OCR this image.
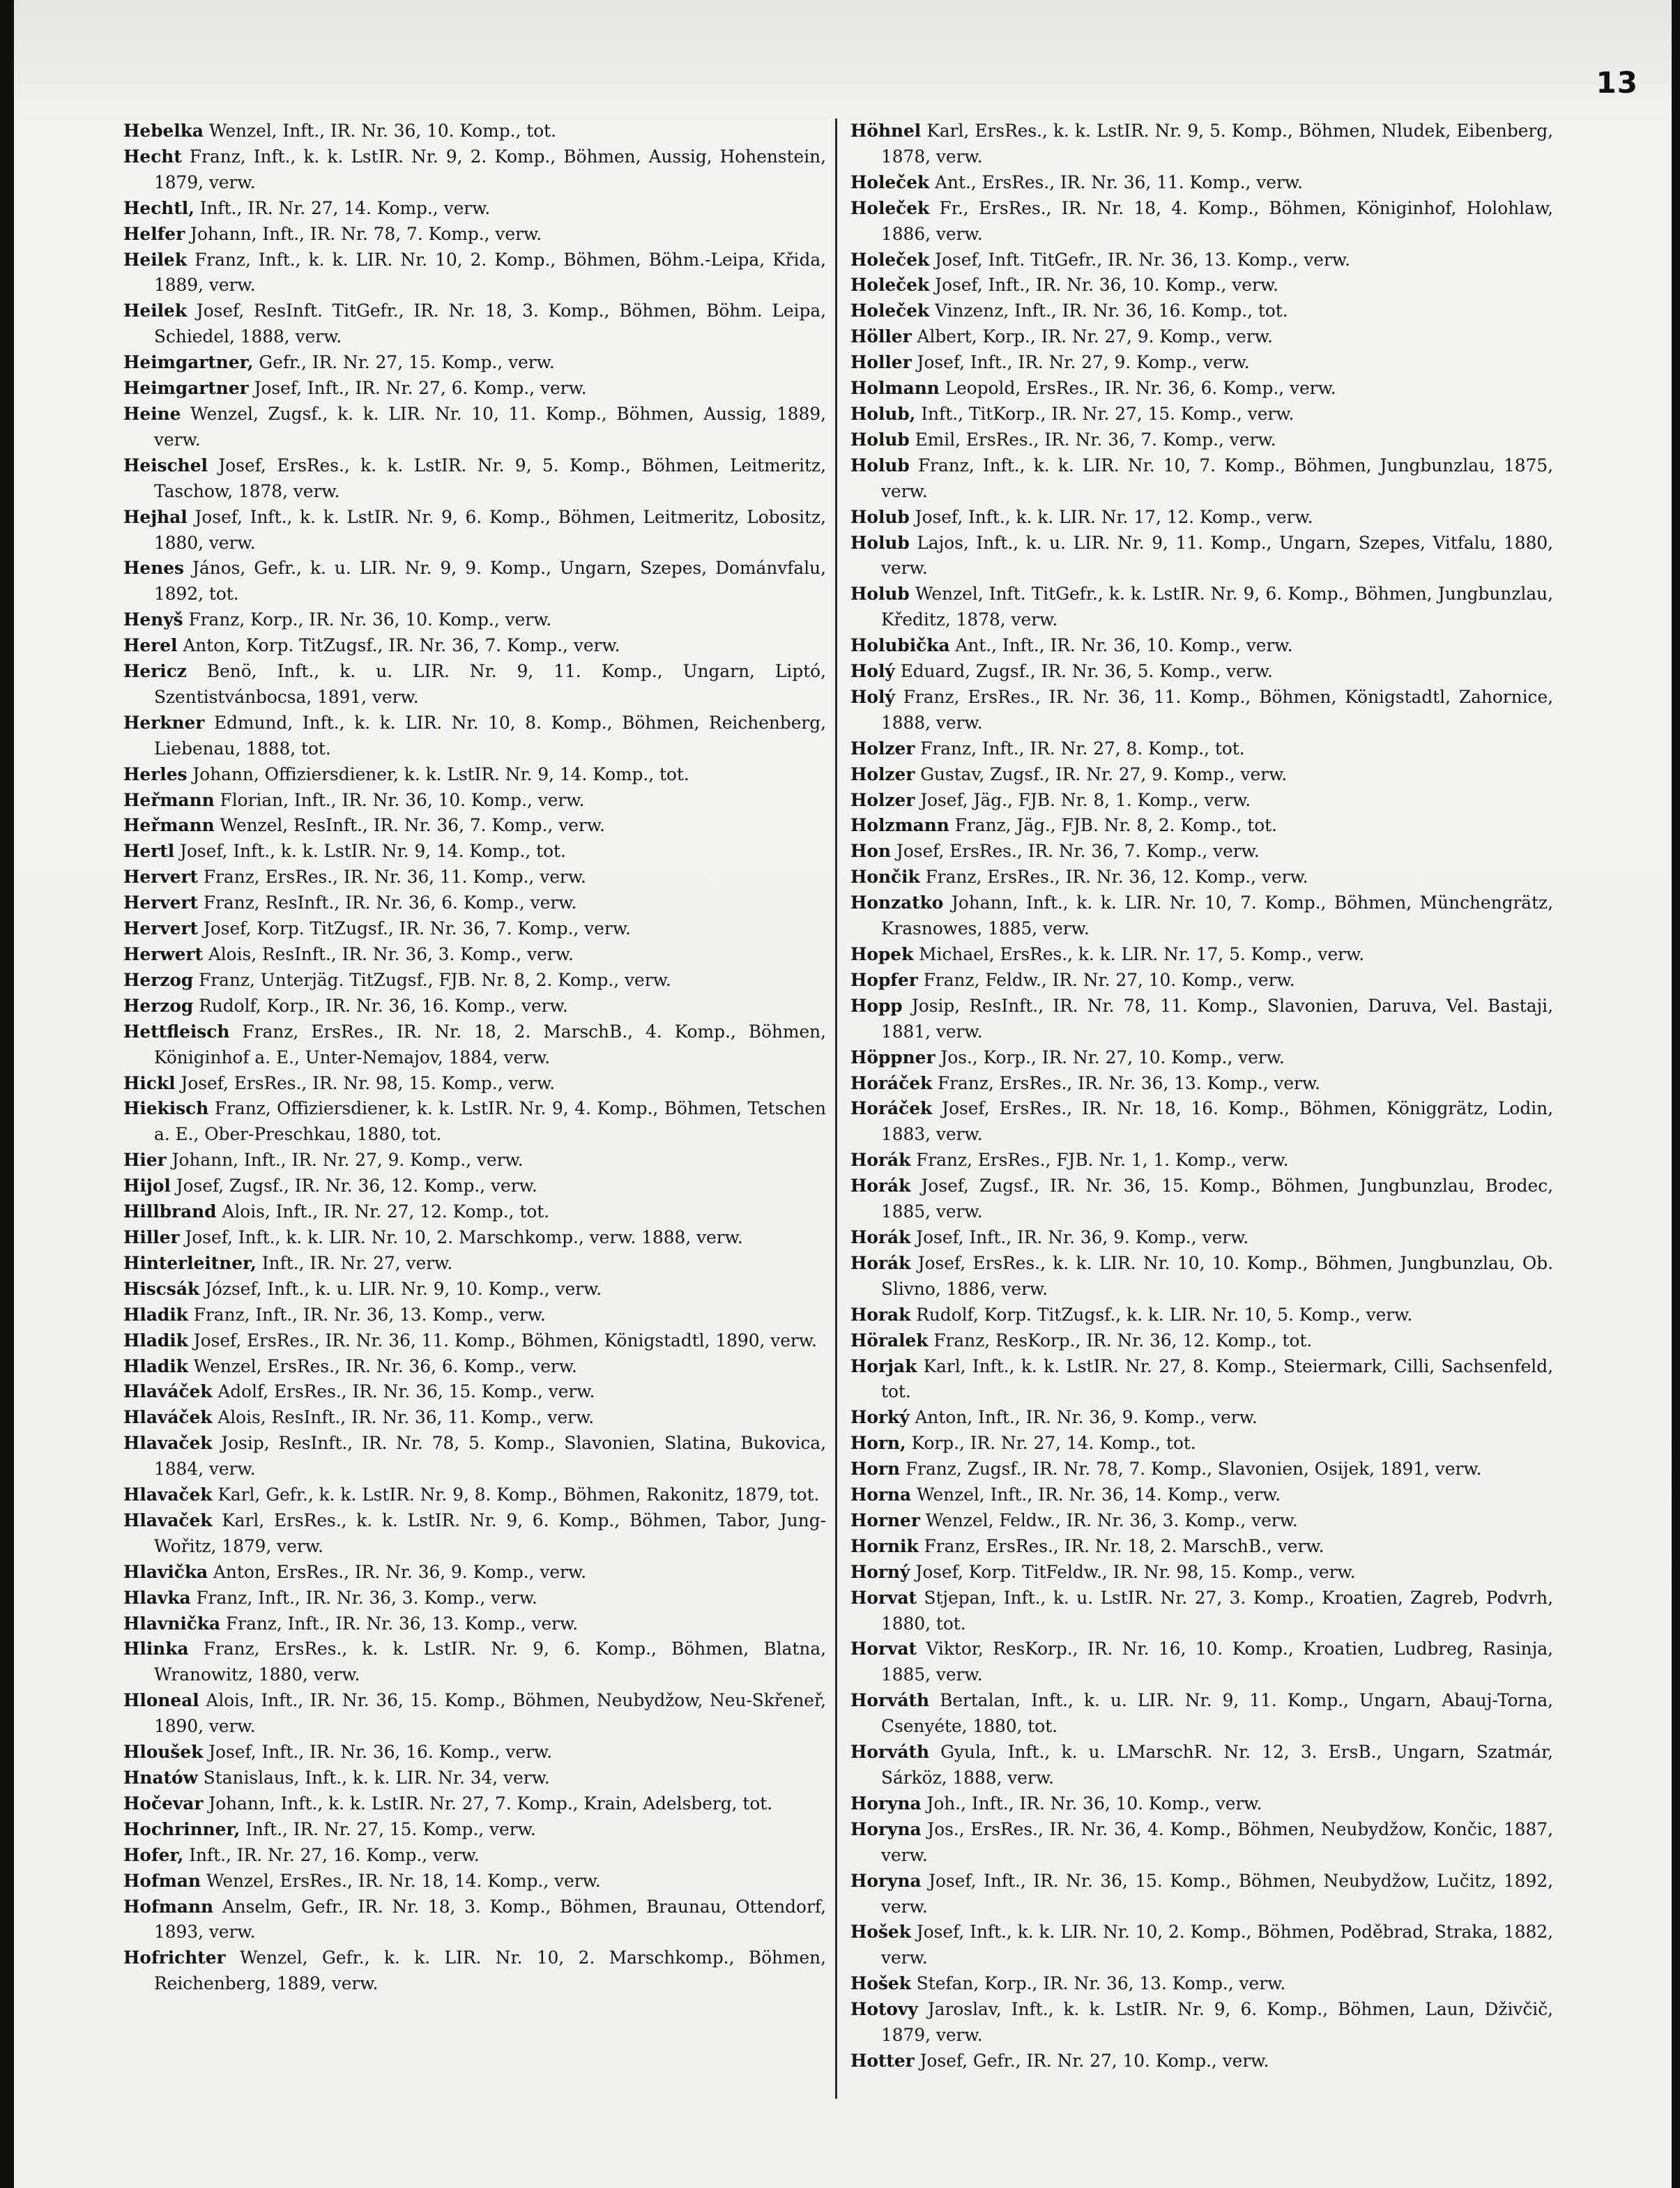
13
Hebelka Wenzel, Inft., IR. Nr. 36, 10. Komp., tot.
Hecht Franz, Inft., k. k. LstIR. Nr. 9, 2. Komp., Böhmen, Aussig, Hohenstein, 1879, verw.
Hechtl, Inft., IR. Nr. 27, 14. Komp., verw.
Helfer Johann, Inft., IR. Nr. 78, 7. Komp., verw.
Heilek Franz, Inft., k. k. LIR. Nr. 10, 2. Komp., Böhmen, Böhm.-Leipa, Křida, 1889, verw.
Heilek Josef, ResInft. TitGefr., IR. Nr. 18, 3. Komp., Böhmen, Böhm. Leipa, Schiedel, 1888, verw.
Heimgartner, Gefr., IR. Nr. 27, 15. Komp., verw.
Heimgartner Josef, Inft., IR. Nr. 27, 6. Komp., verw.
Heine Wenzel, Zugsf., k. k. LIR. Nr. 10, 11. Komp., Böhmen, Aussig, 1889, verw.
Heischel Josef, ErsRes., k. k. LstIR. Nr. 9, 5. Komp., Böhmen, Leitmeritz, Taschow, 1878, verw.
Hejhal Josef, Inft., k. k. LstIR. Nr. 9, 6. Komp., Böhmen, Leitmeritz, Lobositz, 1880, verw.
Henes János, Gefr., k. u. LIR. Nr. 9, 9. Komp., Ungarn, Szepes, Dománvfalu, 1892, tot.
Henyš Franz, Korp., IR. Nr. 36, 10. Komp., verw.
Herel Anton, Korp. TitZugsf., IR. Nr. 36, 7. Komp., verw.
Hericz Benö, Inft., k. u. LIR. Nr. 9, 11. Komp., Ungarn, Liptó, Szentistvánbocsa, 1891, verw.
Herkner Edmund, Inft., k. k. LIR. Nr. 10, 8. Komp., Böhmen, Reichenberg, Liebenau, 1888, tot.
Herles Johann, Offiziersdiener, k. k. LstIR. Nr. 9, 14. Komp., tot.
Heřmann Florian, Inft., IR. Nr. 36, 10. Komp., verw.
Heřmann Wenzel, ResInft., IR. Nr. 36, 7. Komp., verw.
Hertl Josef, Inft., k. k. LstIR. Nr. 9, 14. Komp., tot.
Hervert Franz, ErsRes., IR. Nr. 36, 11. Komp., verw.
Hervert Franz, ResInft., IR. Nr. 36, 6. Komp., verw.
Hervert Josef, Korp. TitZugsf., IR. Nr. 36, 7. Komp., verw.
Herwert Alois, ResInft., IR. Nr. 36, 3. Komp., verw.
Herzog Franz, Unterjäg. TitZugsf., FJB. Nr. 8, 2. Komp., verw.
Herzog Rudolf, Korp., IR. Nr. 36, 16. Komp., verw.
Hettfleisch Franz, ErsRes., IR. Nr. 18, 2. MarschB., 4. Komp., Böhmen, Königinhof a. E., Unter-Nemajov, 1884, verw.
Hickl Josef, ErsRes., IR. Nr. 98, 15. Komp., verw.
Hiekisch Franz, Offiziersdiener, k. k. LstIR. Nr. 9, 4. Komp., Böhmen, Tetschen a. E., Ober-Preschkau, 1880, tot.
Hier Johann, Inft., IR. Nr. 27, 9. Komp., verw.
Hijol Josef, Zugsf., IR. Nr. 36, 12. Komp., verw.
Hillbrand Alois, Inft., IR. Nr. 27, 12. Komp., tot.
Hiller Josef, Inft., k. k. LIR. Nr. 10, 2. Marschkomp., verw. 1888, verw.
Hinterleitner, Inft., IR. Nr. 27, verw.
Hiscsák József, Inft., k. u. LIR. Nr. 9, 10. Komp., verw.
Hladik Franz, Inft., IR. Nr. 36, 13. Komp., verw.
Hladik Josef, ErsRes., IR. Nr. 36, 11. Komp., Böhmen, Königstadtl, 1890, verw.
Hladik Wenzel, ErsRes., IR. Nr. 36, 6. Komp., verw.
Hlaváček Adolf, ErsRes., IR. Nr. 36, 15. Komp., verw.
Hlaváček Alois, ResInft., IR. Nr. 36, 11. Komp., verw.
Hlavaček Josip, ResInft., IR. Nr. 78, 5. Komp., Slavonien, Slatina, Bukovica, 1884, verw.
Hlavaček Karl, Gefr., k. k. LstIR. Nr. 9, 8. Komp., Böhmen, Rakonitz, 1879, tot.
Hlavaček Karl, ErsRes., k. k. LstIR. Nr. 9, 6. Komp., Böhmen, Tabor, Jung-Wořitz, 1879, verw.
Hlavička Anton, ErsRes., IR. Nr. 36, 9. Komp., verw.
Hlavka Franz, Inft., IR. Nr. 36, 3. Komp., verw.
Hlavnička Franz, Inft., IR. Nr. 36, 13. Komp., verw.
Hlinka Franz, ErsRes., k. k. LstIR. Nr. 9, 6. Komp., Böhmen, Blatna, Wranowitz, 1880, verw.
Hloneal Alois, Inft., IR. Nr. 36, 15. Komp., Böhmen, Neubydžow, Neu-Skřeneř, 1890, verw.
Hloušek Josef, Inft., IR. Nr. 36, 16. Komp., verw.
Hnatów Stanislaus, Inft., k. k. LIR. Nr. 34, verw.
Hočevar Johann, Inft., k. k. LstIR. Nr. 27, 7. Komp., Krain, Adelsberg, tot.
Hochrinner, Inft., IR. Nr. 27, 15. Komp., verw.
Hofer, Inft., IR. Nr. 27, 16. Komp., verw.
Hofman Wenzel, ErsRes., IR. Nr. 18, 14. Komp., verw.
Hofmann Anselm, Gefr., IR. Nr. 18, 3. Komp., Böhmen, Braunau, Ottendorf, 1893, verw.
Hofrichter Wenzel, Gefr., k. k. LIR. Nr. 10, 2. Marschkomp., Böhmen, Reichenberg, 1889, verw.
Höhnel Karl, ErsRes., k. k. LstIR. Nr. 9, 5. Komp., Böhmen, Nludek, Eibenberg, 1878, verw.
Holeček Ant., ErsRes., IR. Nr. 36, 11. Komp., verw.
Holeček Fr., ErsRes., IR. Nr. 18, 4. Komp., Böhmen, Königinhof, Holohlaw, 1886, verw.
Holeček Josef, Inft. TitGefr., IR. Nr. 36, 13. Komp., verw.
Holeček Josef, Inft., IR. Nr. 36, 10. Komp., verw.
Holeček Vinzenz, Inft., IR. Nr. 36, 16. Komp., tot.
Höller Albert, Korp., IR. Nr. 27, 9. Komp., verw.
Holler Josef, Inft., IR. Nr. 27, 9. Komp., verw.
Holmann Leopold, ErsRes., IR. Nr. 36, 6. Komp., verw.
Holub, Inft., TitKorp., IR. Nr. 27, 15. Komp., verw.
Holub Emil, ErsRes., IR. Nr. 36, 7. Komp., verw.
Holub Franz, Inft., k. k. LIR. Nr. 10, 7. Komp., Böhmen, Jungbunzlau, 1875, verw.
Holub Josef, Inft., k. k. LIR. Nr. 17, 12. Komp., verw.
Holub Lajos, Inft., k. u. LIR. Nr. 9, 11. Komp., Ungarn, Szepes, Vitfalu, 1880, verw.
Holub Wenzel, Inft. TitGefr., k. k. LstIR. Nr. 9, 6. Komp., Böhmen, Jungbunzlau, Kředitz, 1878, verw.
Holubička Ant., Inft., IR. Nr. 36, 10. Komp., verw.
Holý Eduard, Zugsf., IR. Nr. 36, 5. Komp., verw.
Holý Franz, ErsRes., IR. Nr. 36, 11. Komp., Böhmen, Königstadtl, Zahornice, 1888, verw.
Holzer Franz, Inft., IR. Nr. 27, 8. Komp., tot.
Holzer Gustav, Zugsf., IR. Nr. 27, 9. Komp., verw.
Holzer Josef, Jäg., FJB. Nr. 8, 1. Komp., verw.
Holzmann Franz, Jäg., FJB. Nr. 8, 2. Komp., tot.
Hon Josef, ErsRes., IR. Nr. 36, 7. Komp., verw.
Hončik Franz, ErsRes., IR. Nr. 36, 12. Komp., verw.
Honzatko Johann, Inft., k. k. LIR. Nr. 10, 7. Komp., Böhmen, Münchengrätz, Krasnowes, 1885, verw.
Hopek Michael, ErsRes., k. k. LIR. Nr. 17, 5. Komp., verw.
Hopfer Franz, Feldw., IR. Nr. 27, 10. Komp., verw.
Hopp Josip, ResInft., IR. Nr. 78, 11. Komp., Slavonien, Daruva, Vel. Bastaji, 1881, verw.
Höppner Jos., Korp., IR. Nr. 27, 10. Komp., verw.
Horáček Franz, ErsRes., IR. Nr. 36, 13. Komp., verw.
Horáček Josef, ErsRes., IR. Nr. 18, 16. Komp., Böhmen, Königgrätz, Lodin, 1883, verw.
Horák Franz, ErsRes., FJB. Nr. 1, 1. Komp., verw.
Horák Josef, Zugsf., IR. Nr. 36, 15. Komp., Böhmen, Jungbunzlau, Brodec, 1885, verw.
Horák Josef, Inft., IR. Nr. 36, 9. Komp., verw.
Horák Josef, ErsRes., k. k. LIR. Nr. 10, 10. Komp., Böhmen, Jungbunzlau, Ob. Slivno, 1886, verw.
Horak Rudolf, Korp. TitZugsf., k. k. LIR. Nr. 10, 5. Komp., verw.
Höralek Franz, ResKorp., IR. Nr. 36, 12. Komp., tot.
Horjak Karl, Inft., k. k. LstIR. Nr. 27, 8. Komp., Steiermark, Cilli, Sachsenfeld, tot.
Horký Anton, Inft., IR. Nr. 36, 9. Komp., verw.
Horn, Korp., IR. Nr. 27, 14. Komp., tot.
Horn Franz, Zugsf., IR. Nr. 78, 7. Komp., Slavonien, Osijek, 1891, verw.
Horna Wenzel, Inft., IR. Nr. 36, 14. Komp., verw.
Horner Wenzel, Feldw., IR. Nr. 36, 3. Komp., verw.
Hornik Franz, ErsRes., IR. Nr. 18, 2. MarschB., verw.
Horný Josef, Korp. TitFeldw., IR. Nr. 98, 15. Komp., verw.
Horvat Stjepan, Inft., k. u. LstIR. Nr. 27, 3. Komp., Kroatien, Zagreb, Podvrh, 1880, tot.
Horvat Viktor, ResKorp., IR. Nr. 16, 10. Komp., Kroatien, Ludbreg, Rasinja, 1885, verw.
Horváth Bertalan, Inft., k. u. LIR. Nr. 9, 11. Komp., Ungarn, Abauj-Torna, Csenyéte, 1880, tot.
Horváth Gyula, Inft., k. u. LMarschR. Nr. 12, 3. ErsB., Ungarn, Szatmár, Sárköz, 1888, verw.
Horyna Joh., Inft., IR. Nr. 36, 10. Komp., verw.
Horyna Jos., ErsRes., IR. Nr. 36, 4. Komp., Böhmen, Neubydžow, Končic, 1887, verw.
Horyna Josef, Inft., IR. Nr. 36, 15. Komp., Böhmen, Neubydžow, Lučitz, 1892, verw.
Hošek Josef, Inft., k. k. LIR. Nr. 10, 2. Komp., Böhmen, Poděbrad, Straka, 1882, verw.
Hošek Stefan, Korp., IR. Nr. 36, 13. Komp., verw.
Hotovy Jaroslav, Inft., k. k. LstIR. Nr. 9, 6. Komp., Böhmen, Laun, Dživčič, 1879, verw.
Hotter Josef, Gefr., IR. Nr. 27, 10. Komp., verw.
